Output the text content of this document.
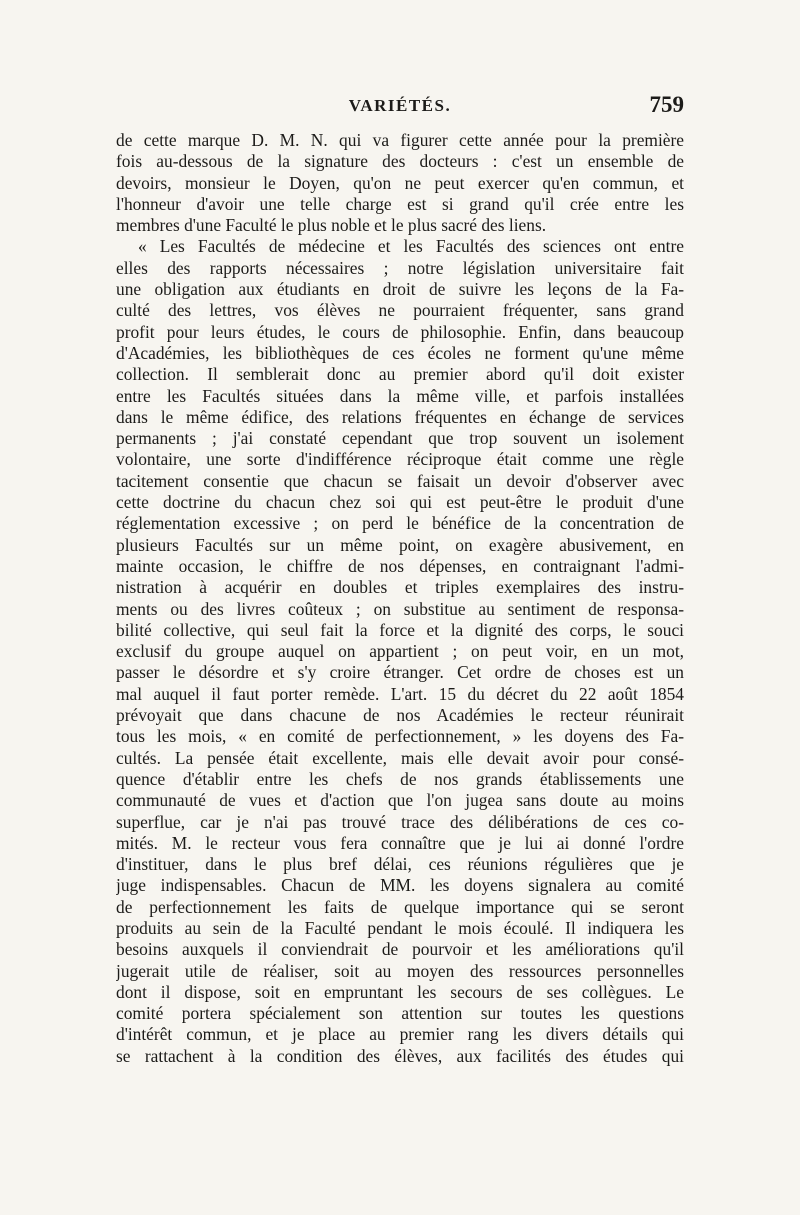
VARIÉTÉS.	759
de cette marque D. M. N. qui va figurer cette année pour la première
fois au-dessous de la signature des docteurs : c'est un ensemble de
devoirs, monsieur le Doyen, qu'on ne peut exercer qu'en commun, et
l'honneur d'avoir une telle charge est si grand qu'il crée entre les
membres d'une Faculté le plus noble et le plus sacré des liens.
« Les Facultés de médecine et les Facultés des sciences ont entre
elles des rapports nécessaires ; notre législation universitaire fait
une obligation aux étudiants en droit de suivre les leçons de la Fa-
culté des lettres, vos élèves ne pourraient fréquenter, sans grand
profit pour leurs études, le cours de philosophie. Enfin, dans beaucoup
d'Académies, les bibliothèques de ces écoles ne forment qu'une même
collection. Il semblerait donc au premier abord qu'il doit exister
entre les Facultés situées dans la même ville, et parfois installées
dans le même édifice, des relations fréquentes en échange de services
permanents ; j'ai constaté cependant que trop souvent un isolement
volontaire, une sorte d'indifférence réciproque était comme une règle
tacitement consentie que chacun se faisait un devoir d'observer avec
cette doctrine du chacun chez soi qui est peut-être le produit d'une
réglementation excessive ; on perd le bénéfice de la concentration de
plusieurs Facultés sur un même point, on exagère abusivement, en
mainte occasion, le chiffre de nos dépenses, en contraignant l'admi-
nistration à acquérir en doubles et triples exemplaires des instru-
ments ou des livres coûteux ; on substitue au sentiment de responsa-
bilité collective, qui seul fait la force et la dignité des corps, le souci
exclusif du groupe auquel on appartient ; on peut voir, en un mot,
passer le désordre et s'y croire étranger. Cet ordre de choses est un
mal auquel il faut porter remède. L'art. 15 du décret du 22 août 1854
prévoyait que dans chacune de nos Académies le recteur réunirait
tous les mois, « en comité de perfectionnement, » les doyens des Fa-
cultés. La pensée était excellente, mais elle devait avoir pour consé-
quence d'établir entre les chefs de nos grands établissements une
communauté de vues et d'action que l'on jugea sans doute au moins
superflue, car je n'ai pas trouvé trace des délibérations de ces co-
mités. M. le recteur vous fera connaître que je lui ai donné l'ordre
d'instituer, dans le plus bref délai, ces réunions régulières que je
juge indispensables. Chacun de MM. les doyens signalera au comité
de perfectionnement les faits de quelque importance qui se seront
produits au sein de la Faculté pendant le mois écoulé. Il indiquera les
besoins auxquels il conviendrait de pourvoir et les améliorations qu'il
jugerait utile de réaliser, soit au moyen des ressources personnelles
dont il dispose, soit en empruntant les secours de ses collègues. Le
comité portera spécialement son attention sur toutes les questions
d'intérêt commun, et je place au premier rang les divers détails qui
se rattachent à la condition des élèves, aux facilités des études qui
